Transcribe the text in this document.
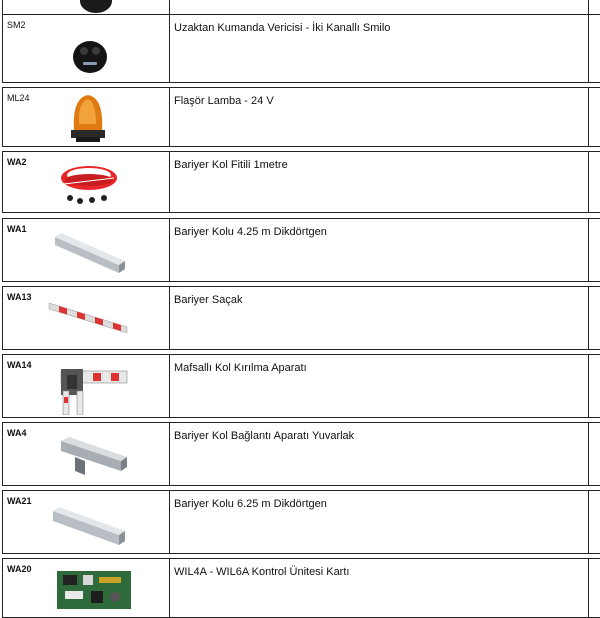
SM2	Uzaktan Kumanda Vericisi - İki Kanallı Smilo
ML24	Flaşör Lamba - 24 V
WA2	Bariyer Kol Fitili 1metre
WA1	Bariyer Kolu 4.25 m Dikdörtgen
WA13	Bariyer Saçak
WA14	Mafsallı Kol Kırılma Aparatı
WA4	Bariyer Kol Bağlantı Aparatı Yuvarlak
WA21	Bariyer Kolu 6.25 m Dikdörtgen
WA20	WIL4A - WIL6A Kontrol Ünitesi Kartı
